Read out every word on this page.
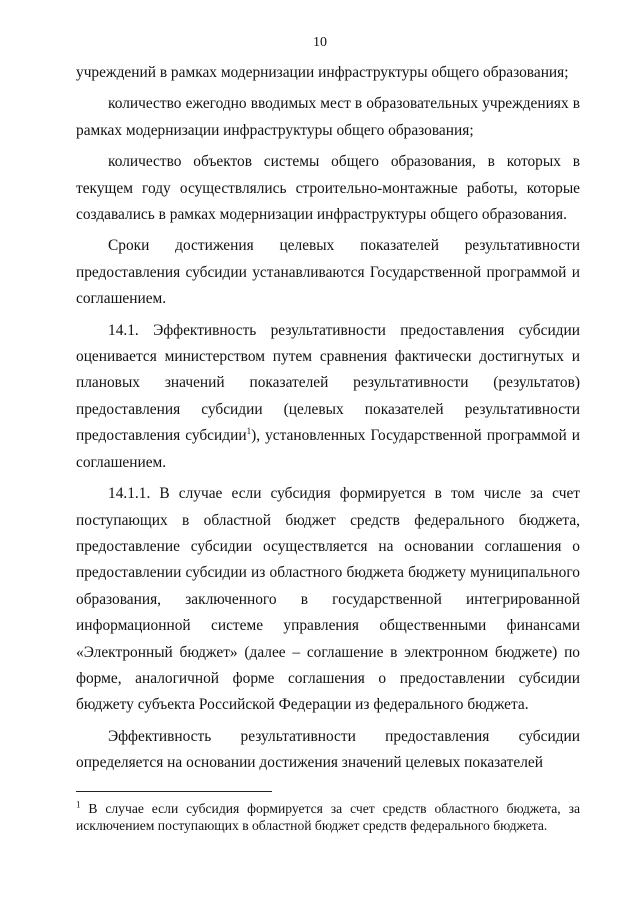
10

учреждений в рамках модернизации инфраструктуры общего образования;

количество ежегодно вводимых мест в образовательных учреждениях в рамках модернизации инфраструктуры общего образования;

количество объектов системы общего образования, в которых в текущем году осуществлялись строительно-монтажные работы, которые создавались в рамках модернизации инфраструктуры общего образования.

Сроки достижения целевых показателей результативности предоставления субсидии устанавливаются Государственной программой и соглашением.

14.1. Эффективность результативности предоставления субсидии оценивается министерством путем сравнения фактически достигнутых и плановых значений показателей результативности (результатов) предоставления субсидии (целевых показателей результативности предоставления субсидии$^1$), установленных Государственной программой и соглашением.

14.1.1. В случае если субсидия формируется в том числе за счет поступающих в областной бюджет средств федерального бюджета, предоставление субсидии осуществляется на основании соглашения о предоставлении субсидии из областного бюджета бюджету муниципального образования, заключенного в государственной интегрированной информационной системе управления общественными финансами «Электронный бюджет» (далее – соглашение в электронном бюджете) по форме, аналогичной форме соглашения о предоставлении субсидии бюджету субъекта Российской Федерации из федерального бюджета.

Эффективность результативности предоставления субсидии определяется на основании достижения значений целевых показателей

$^1$ В случае если субсидия формируется за счет средств областного бюджета, за исключением поступающих в областной бюджет средств федерального бюджета.
